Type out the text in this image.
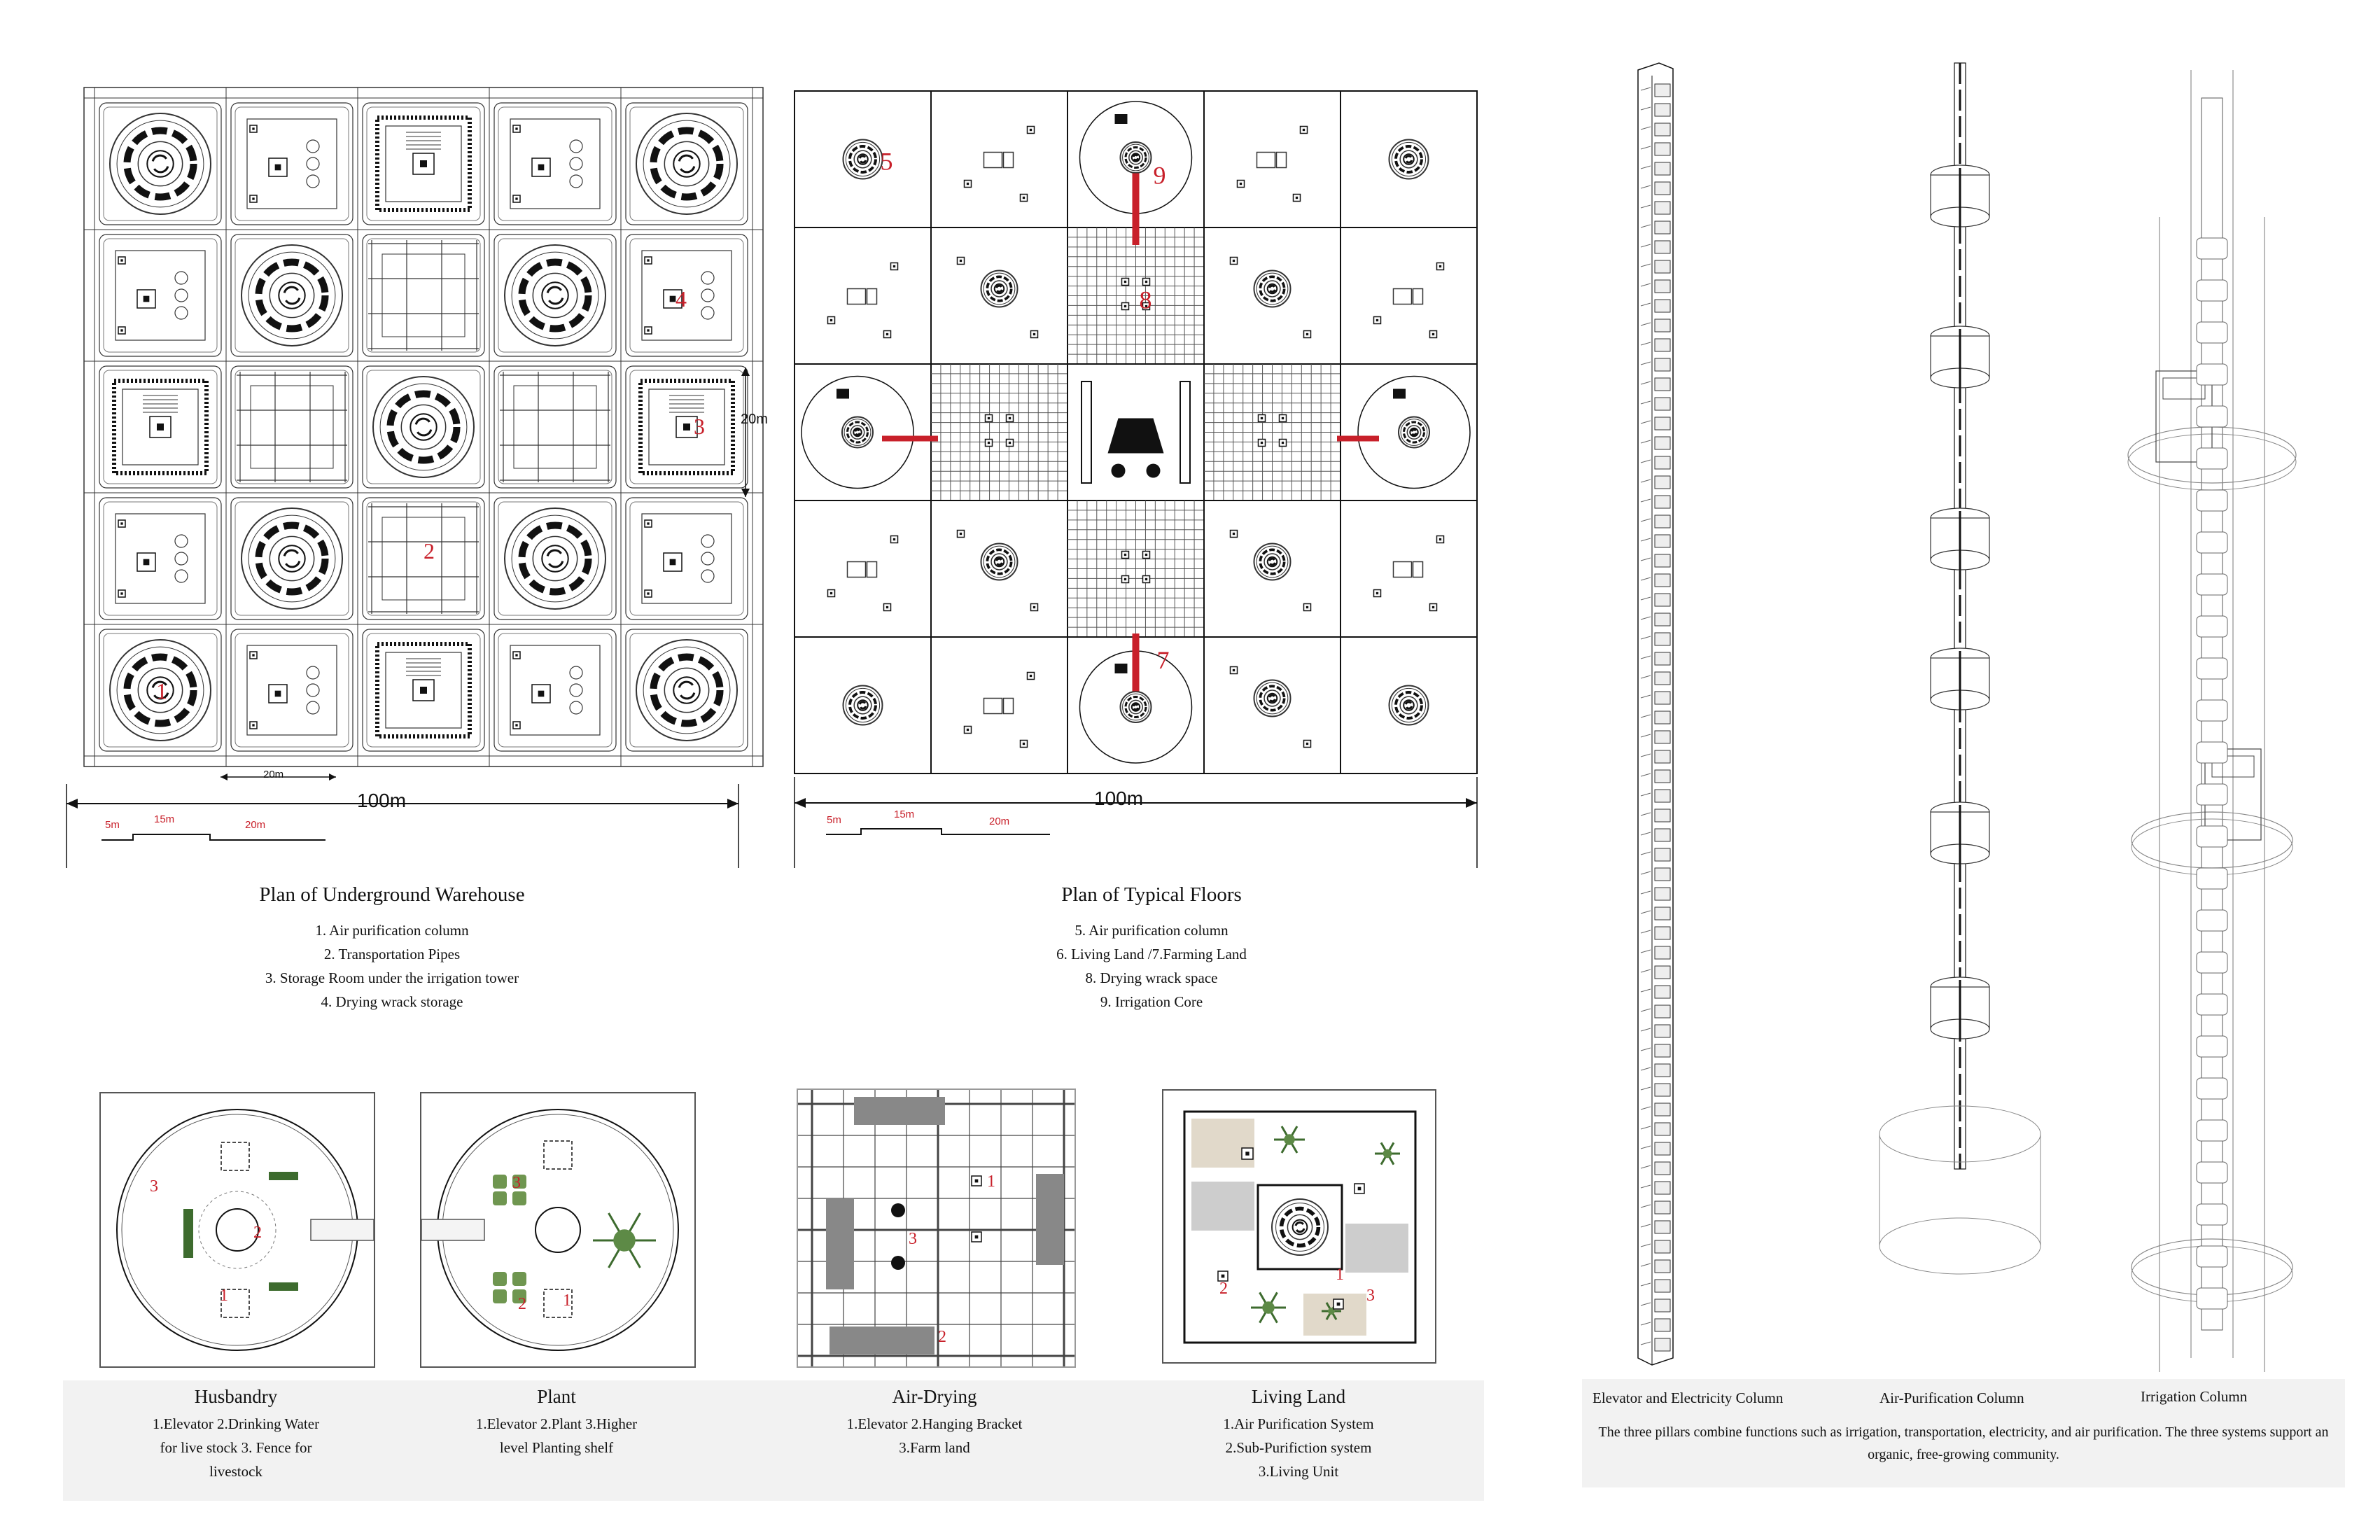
1
2
3
4
100m
20m
20m
5m	15m	20m
Plan of Underground Warehouse
1. Air purification column
2. Transportation Pipes
3. Storage Room under the irrigation tower
4. Drying wrack storage
5	9
8
7
100m
5m	15m
20m
Plan of Typical Floors
5. Air purification column
6. Living Land /7.Farming Land
8. Drying wrack space
9. Irrigation Core
3
1
2
3
2 1
1
3
2
1
2	3
Husbandry
1.Elevator 2.Drinking Water
for live stock 3. Fence for
livestock
Plant
1.Elevator 2.Plant 3.Higher
level Planting shelf
Air-Drying
1.Elevator 2.Hanging Bracket
3.Farm land
Living Land
1.Air Purification System
2.Sub-Purifiction system
3.Living Unit
Elevator and Electricity Column	Air-Purification Column	Irrigation Column
The three pillars combine functions such as irrigation, transportation, electricity, and air purification. The three systems support an organic, free-growing community.
